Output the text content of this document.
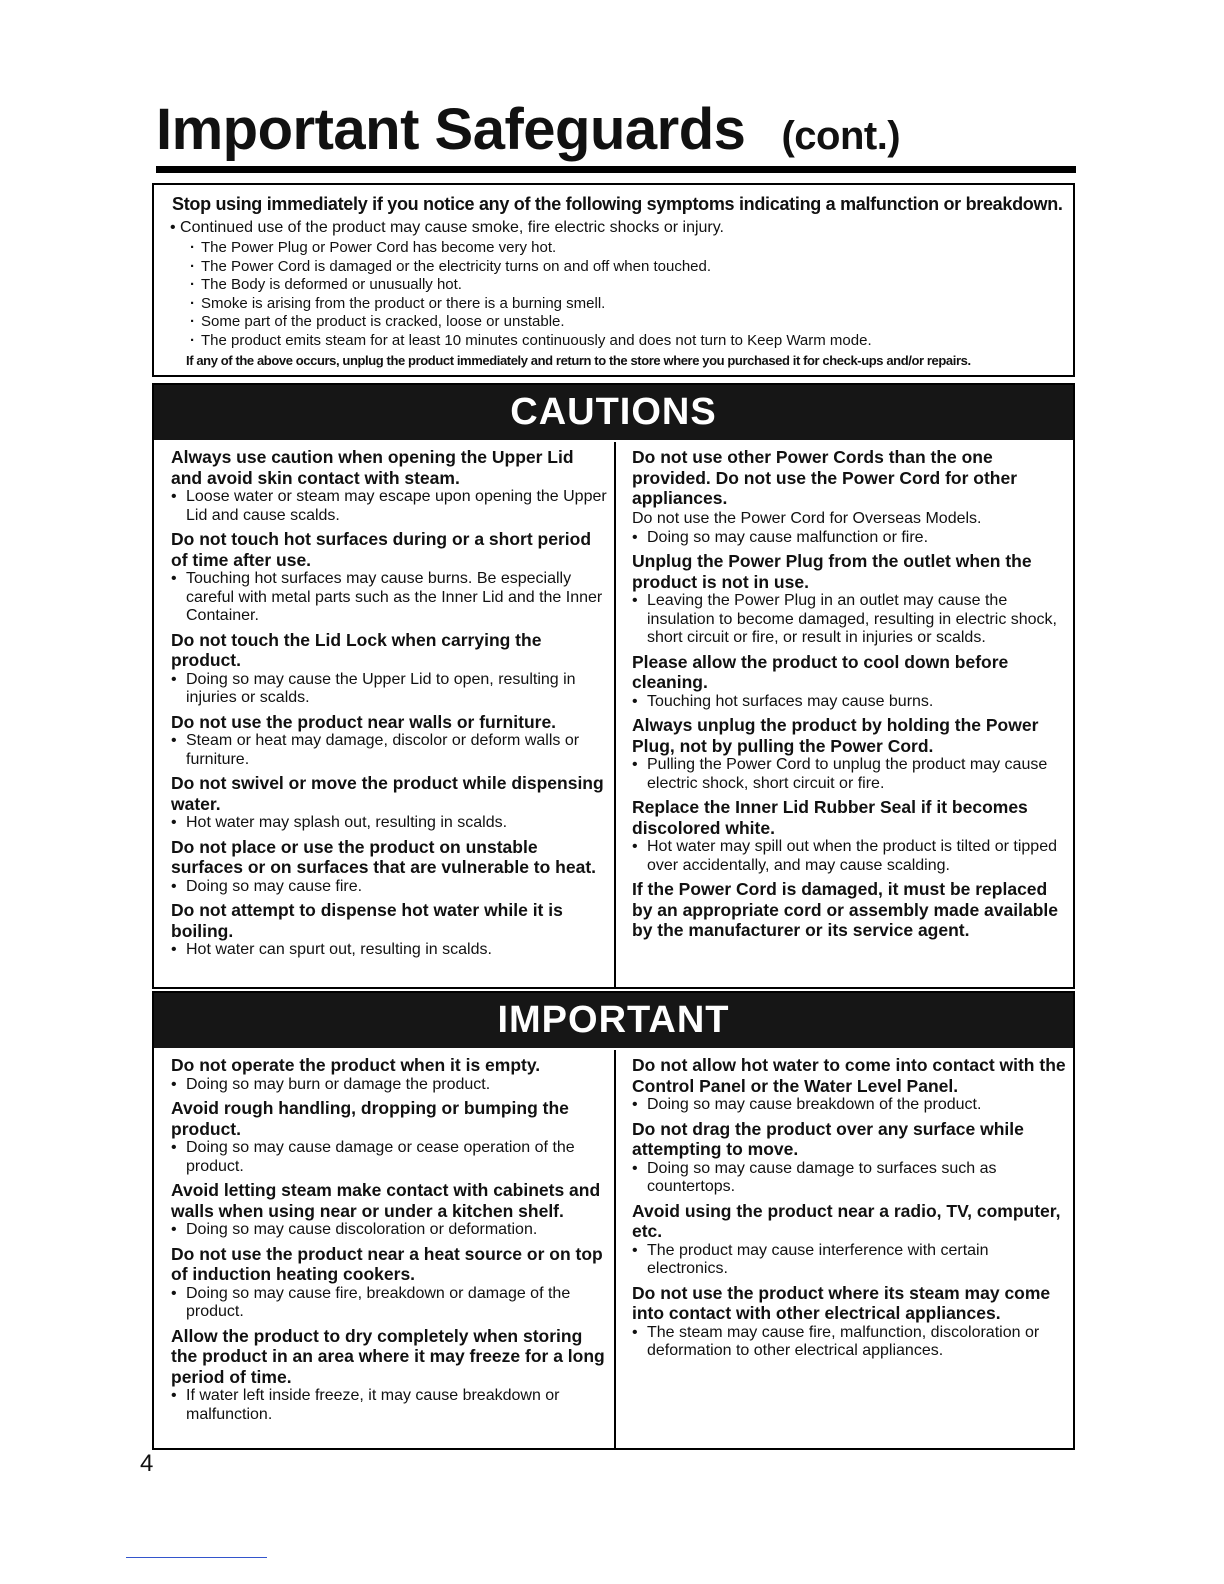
Important Safeguards (cont.)
Stop using immediately if you notice any of the following symptoms indicating a malfunction or breakdown.
• Continued use of the product may cause smoke, fire electric shocks or injury.
· The Power Plug or Power Cord has become very hot.
· The Power Cord is damaged or the electricity turns on and off when touched.
· The Body is deformed or unusually hot.
· Smoke is arising from the product or there is a burning smell.
· Some part of the product is cracked, loose or unstable.
· The product emits steam for at least 10 minutes continuously and does not turn to Keep Warm mode.
If any of the above occurs, unplug the product immediately and return to the store where you purchased it for check-ups and/or repairs.
CAUTIONS
Always use caution when opening the Upper Lid and avoid skin contact with steam.
• Loose water or steam may escape upon opening the Upper Lid and cause scalds.
Do not touch hot surfaces during or a short period of time after use.
• Touching hot surfaces may cause burns. Be especially careful with metal parts such as the Inner Lid and the Inner Container.
Do not touch the Lid Lock when carrying the product.
• Doing so may cause the Upper Lid to open, resulting in injuries or scalds.
Do not use the product near walls or furniture.
• Steam or heat may damage, discolor or deform walls or furniture.
Do not swivel or move the product while dispensing water.
• Hot water may splash out, resulting in scalds.
Do not place or use the product on unstable surfaces or on surfaces that are vulnerable to heat.
• Doing so may cause fire.
Do not attempt to dispense hot water while it is boiling.
• Hot water can spurt out, resulting in scalds.
Do not use other Power Cords than the one provided. Do not use the Power Cord for other appliances.

Do not use the Power Cord for Overseas Models.

• Doing so may cause malfunction or fire.
Unplug the Power Plug from the outlet when the product is not in use.
• Leaving the Power Plug in an outlet may cause the insulation to become damaged, resulting in electric shock, short circuit or fire, or result in injuries or scalds.
Please allow the product to cool down before cleaning.
• Touching hot surfaces may cause burns.
Always unplug the product by holding the Power Plug, not by pulling the Power Cord.
• Pulling the Power Cord to unplug the product may cause electric shock, short circuit or fire.
Replace the Inner Lid Rubber Seal if it becomes discolored white.
• Hot water may spill out when the product is tilted or tipped over accidentally, and may cause scalding.
If the Power Cord is damaged, it must be replaced by an appropriate cord or assembly made available by the manufacturer or its service agent.
IMPORTANT
Do not operate the product when it is empty.
• Doing so may burn or damage the product.
Avoid rough handling, dropping or bumping the product.
• Doing so may cause damage or cease operation of the product.
Avoid letting steam make contact with cabinets and walls when using near or under a kitchen shelf.
• Doing so may cause discoloration or deformation.
Do not use the product near a heat source or on top of induction heating cookers.
• Doing so may cause fire, breakdown or damage of the product.
Allow the product to dry completely when storing the product in an area where it may freeze for a long period of time.
• If water left inside freeze, it may cause breakdown or malfunction.
Do not allow hot water to come into contact with the Control Panel or the Water Level Panel.
• Doing so may cause breakdown of the product.
Do not drag the product over any surface while attempting to move.
• Doing so may cause damage to surfaces such as countertops.
Avoid using the product near a radio, TV, computer, etc.
• The product may cause interference with certain electronics.
Do not use the product where its steam may come into contact with other electrical appliances.
• The steam may cause fire, malfunction, discoloration or deformation to other electrical appliances.
4
